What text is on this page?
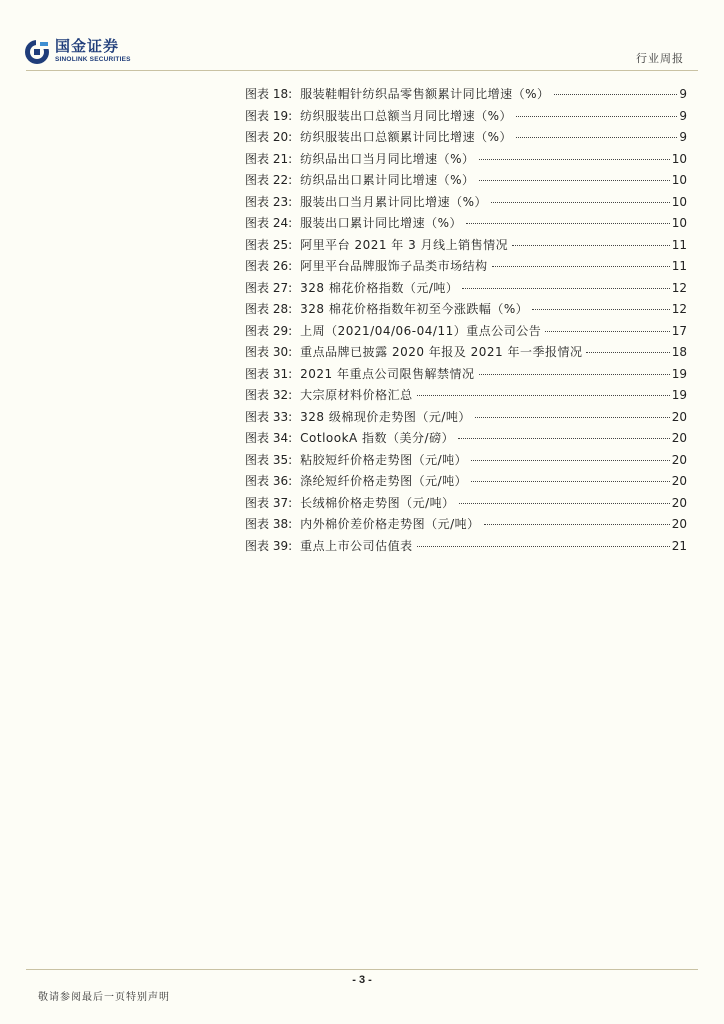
国金证券
SINOLINK SECURITIES	行业周报
图表 18: 服装鞋帽针纺织品零售额累计同比增速（%）	9
图表 19: 纺织服装出口总额当月同比增速（%）	9
图表 20: 纺织服装出口总额累计同比增速（%）	9
图表 21: 纺织品出口当月同比增速（%）	10
图表 22: 纺织品出口累计同比增速（%）	10
图表 23: 服装出口当月累计同比增速（%）	10
图表 24: 服装出口累计同比增速（%）	10
图表 25: 阿里平台 2021 年 3 月线上销售情况	11
图表 26: 阿里平台品牌服饰子品类市场结构	11
图表 27: 328 棉花价格指数（元/吨）	12
图表 28: 328 棉花价格指数年初至今涨跌幅（%）	12
图表 29: 上周（2021/04/06-04/11）重点公司公告	17
图表 30: 重点品牌已披露 2020 年报及 2021 年一季报情况	18
图表 31: 2021 年重点公司限售解禁情况	19
图表 32: 大宗原材料价格汇总	19
图表 33: 328 级棉现价走势图（元/吨）	20
图表 34: CotlookA 指数（美分/磅）	20
图表 35: 粘胶短纤价格走势图（元/吨）	20
图表 36: 涤纶短纤价格走势图（元/吨）	20
图表 37: 长绒棉价格走势图（元/吨）	20
图表 38: 内外棉价差价格走势图（元/吨）	20
图表 39: 重点上市公司估值表	21
- 3 -
敬请参阅最后一页特别声明
